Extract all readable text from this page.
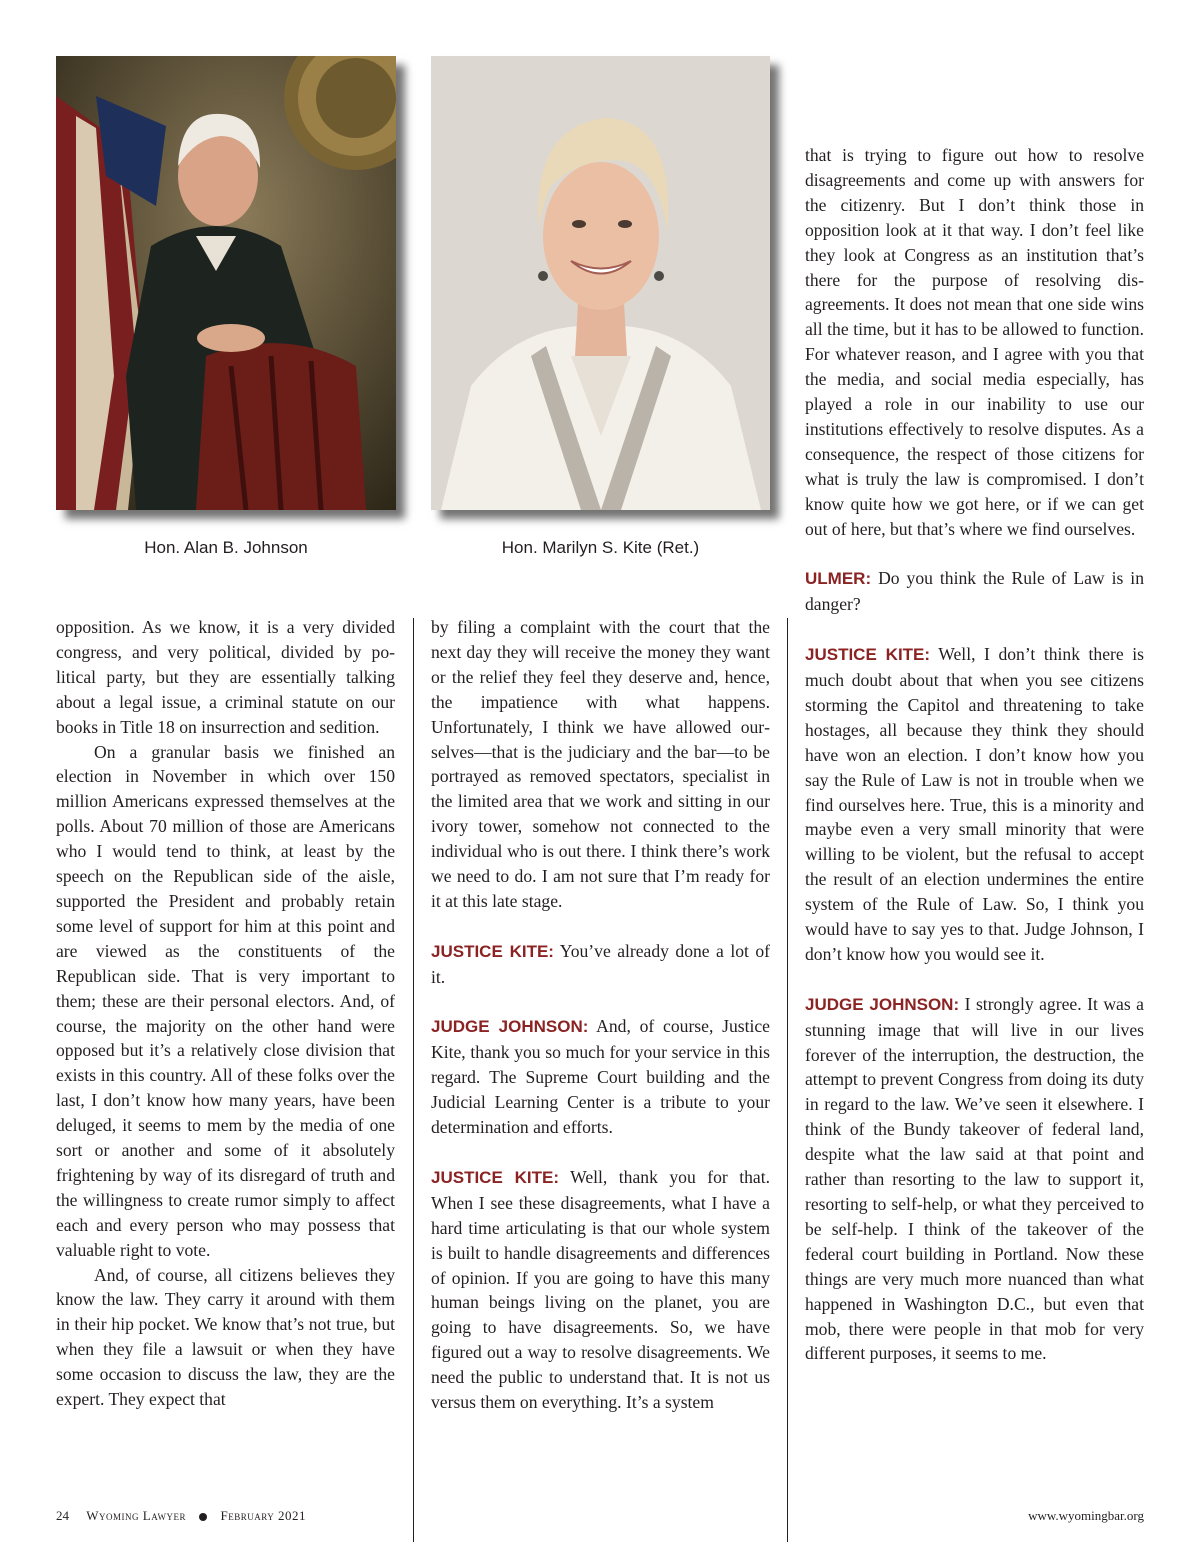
Hon. Alan B. Johnson	Hon. Marilyn S. Kite (Ret.)

opposition. As we know, it is a very divided congress, and very political, divided by political party, but they are essentially talking about a legal issue, a criminal statute on our books in Title 18 on insurrection and sedition.

On a granular basis we finished an election in November in which over 150 million Americans expressed themselves at the polls. About 70 million of those are Americans who I would tend to think, at least by the speech on the Republican side of the aisle, supported the President and probably retain some level of support for him at this point and are viewed as the constituents of the Republican side. That is very important to them; these are their personal electors. And, of course, the majority on the other hand were opposed but it’s a relatively close division that exists in this country. All of these folks over the last, I don’t know how many years, have been deluged, it seems to mem by the media of one sort or another and some of it absolutely frightening by way of its disregard of truth and the willingness to create rumor simply to affect each and every person who may possess that valuable right to vote.

And, of course, all citizens believes they know the law. They carry it around with them in their hip pocket. We know that’s not true, but when they file a lawsuit or when they have some occasion to discuss the law, they are the expert. They expect that

by filing a complaint with the court that the next day they will receive the money they want or the relief they feel they deserve and, hence, the impatience with what happens. Unfortunately, I think we have allowed ourselves—that is the judiciary and the bar—to be portrayed as removed spectators, specialist in the limited area that we work and sitting in our ivory tower, somehow not connected to the individual who is out there. I think there’s work we need to do. I am not sure that I’m ready for it at this late stage.

JUSTICE KITE: You’ve already done a lot of it.

JUDGE JOHNSON: And, of course, Justice Kite, thank you so much for your service in this regard. The Supreme Court building and the Judicial Learning Center is a tribute to your determination and efforts.

JUSTICE KITE: Well, thank you for that. When I see these disagreements, what I have a hard time articulating is that our whole system is built to handle disagreements and differences of opinion. If you are going to have this many human beings living on the planet, you are going to have disagreements. So, we have figured out a way to resolve disagreements. We need the public to understand that. It is not us versus them on everything. It’s a system

that is trying to figure out how to resolve disagreements and come up with answers for the citizenry. But I don’t think those in opposition look at it that way. I don’t feel like they look at Congress as an institution that’s there for the purpose of resolving disagreements. It does not mean that one side wins all the time, but it has to be allowed to function. For whatever reason, and I agree with you that the media, and social media especially, has played a role in our inability to use our institutions effectively to resolve disputes. As a consequence, the respect of those citizens for what is truly the law is compromised. I don’t know quite how we got here, or if we can get out of here, but that’s where we find ourselves.

ULMER: Do you think the Rule of Law is in danger?

JUSTICE KITE: Well, I don’t think there is much doubt about that when you see citizens storming the Capitol and threatening to take hostages, all because they think they should have won an election. I don’t know how you say the Rule of Law is not in trouble when we find ourselves here. True, this is a minority and maybe even a very small minority that were willing to be violent, but the refusal to accept the result of an election undermines the entire system of the Rule of Law. So, I think you would have to say yes to that. Judge Johnson, I don’t know how you would see it.

JUDGE JOHNSON: I strongly agree. It was a stunning image that will live in our lives forever of the interruption, the destruction, the attempt to prevent Congress from doing its duty in regard to the law. We’ve seen it elsewhere. I think of the Bundy takeover of federal land, despite what the law said at that point and rather than resorting to the law to support it, resorting to self-help, or what they perceived to be self-help. I think of the takeover of the federal court building in Portland. Now these things are very much more nuanced than what happened in Washington D.C., but even that mob, there were people in that mob for very different purposes, it seems to me.

24 Wyoming Lawyer	February 2021	www.wyomingbar.org
